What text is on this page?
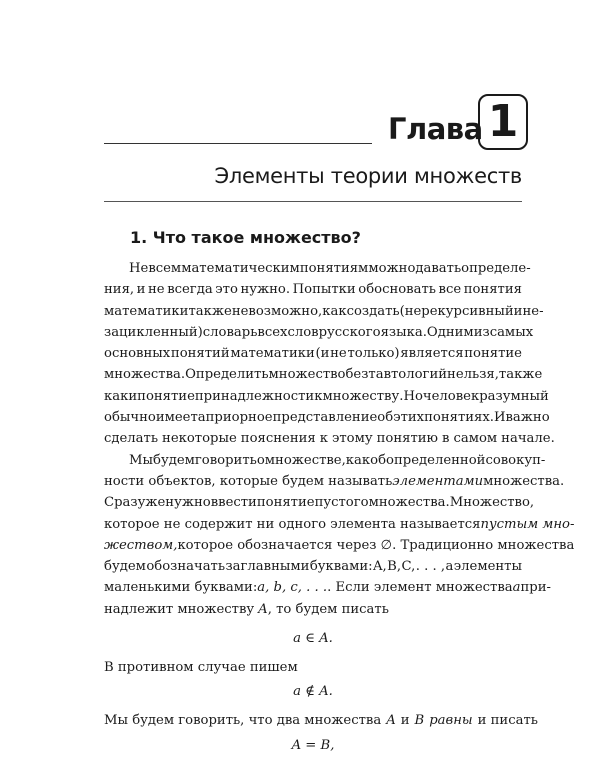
Глава 1
Элементы теории множеств
1. Что такое множество?
Не всем математическим понятиям можно давать определе-
ния, и не всегда это нужно. Попытки обосновать все понятия
математики также невозможно, как создать (нерекурсивный и не-
зацикленный) словарь всех слов русского языка. Одним из самых
основных понятий математики (и не только) является понятие
множества. Определить множество без тавтологий нельзя, также
как и понятие принадлежности к множеству. Но человек разумный
обычно имеет априорное представление об этих понятиях. И важно
сделать некоторые пояснения к этому понятию в самом начале.
Мы будем говорить о множестве, как об определенной совокуп-
ности объектов, которые будем называть элементами множества.
Сразу же нужно ввести понятие пустого множества. Множество,
которое не содержит ни одного элемента называется пустым мно-
жеством, которое обозначается через ∅. Традиционно множества
будем обозначать заглавными буквами: A, B, C, . . . , а элементы
маленькими буквами: a, b, c, . . . . Если элемент множества a при-
надлежит множеству A , то будем писать
a ∈ A.
В противном случае пишем
a ∉ A.
Мы будем говорить, что два множества A и B равны и писать
A = B,
